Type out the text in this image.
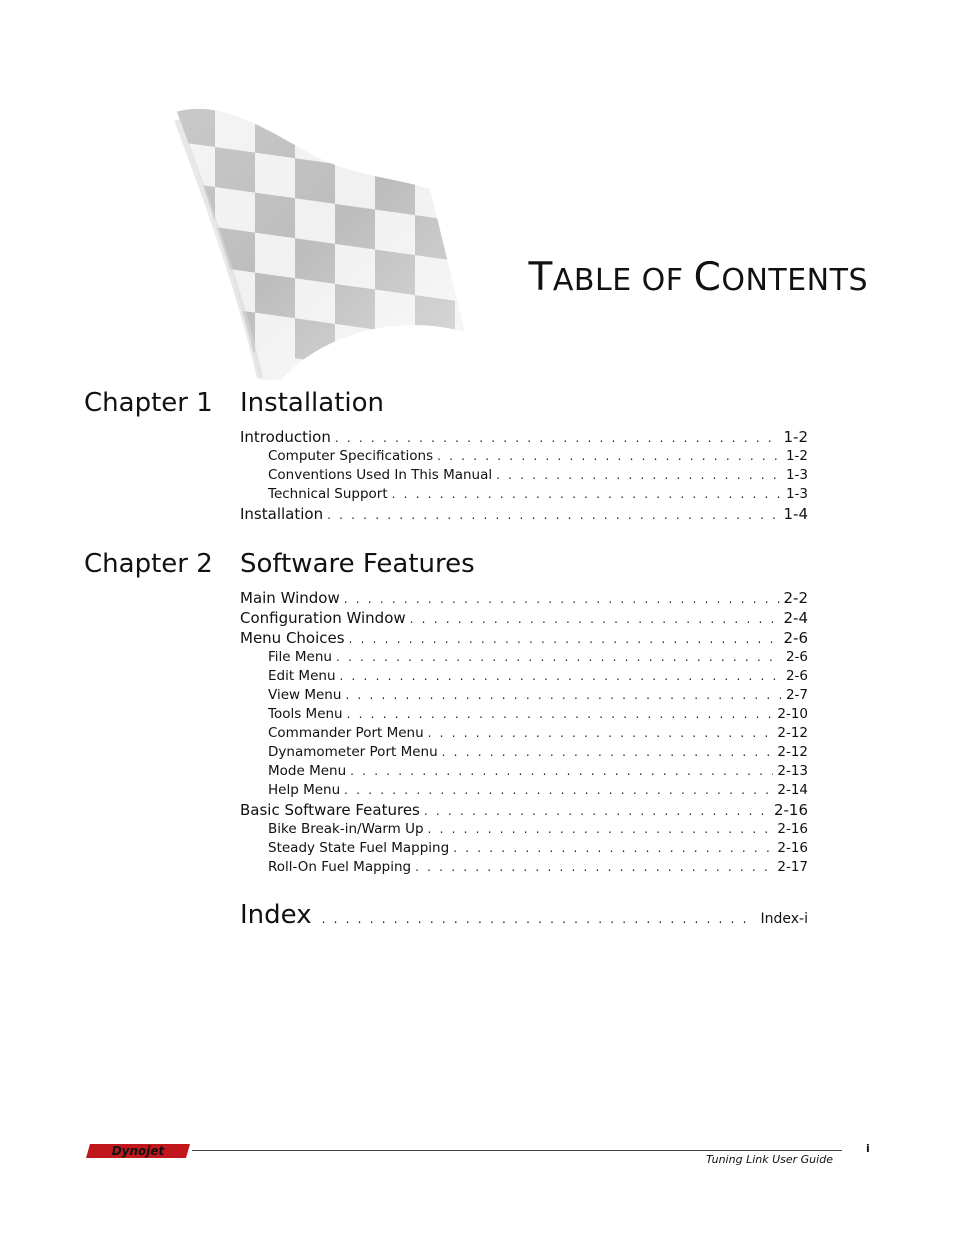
TABLE OF CONTENTS
Chapter 1 Installation
Introduction . . .	1-2
Computer Specifications . . .	1-2
Conventions Used In This Manual . . .	1-3
Technical Support . . .	1-3
Installation . . .	1-4
Chapter 2 Software Features
Main Window . . .	2-2
Configuration Window . . .	2-4
Menu Choices . . .	2-6
File Menu . . .	2-6
Edit Menu . . .	2-6
View Menu . . .	2-7
Tools Menu . . .	2-10
Commander Port Menu . . .	2-12
Dynamometer Port Menu . . .	2-12
Mode Menu . . .	2-13
Help Menu . . .	2-14
Basic Software Features . . .	2-16
Bike Break-in/Warm Up . . .	2-16
Steady State Fuel Mapping . . .	2-16
Roll-On Fuel Mapping . . .	2-17
Index . . .	Index-i
Dynojet
Tuning Link User Guide
i
